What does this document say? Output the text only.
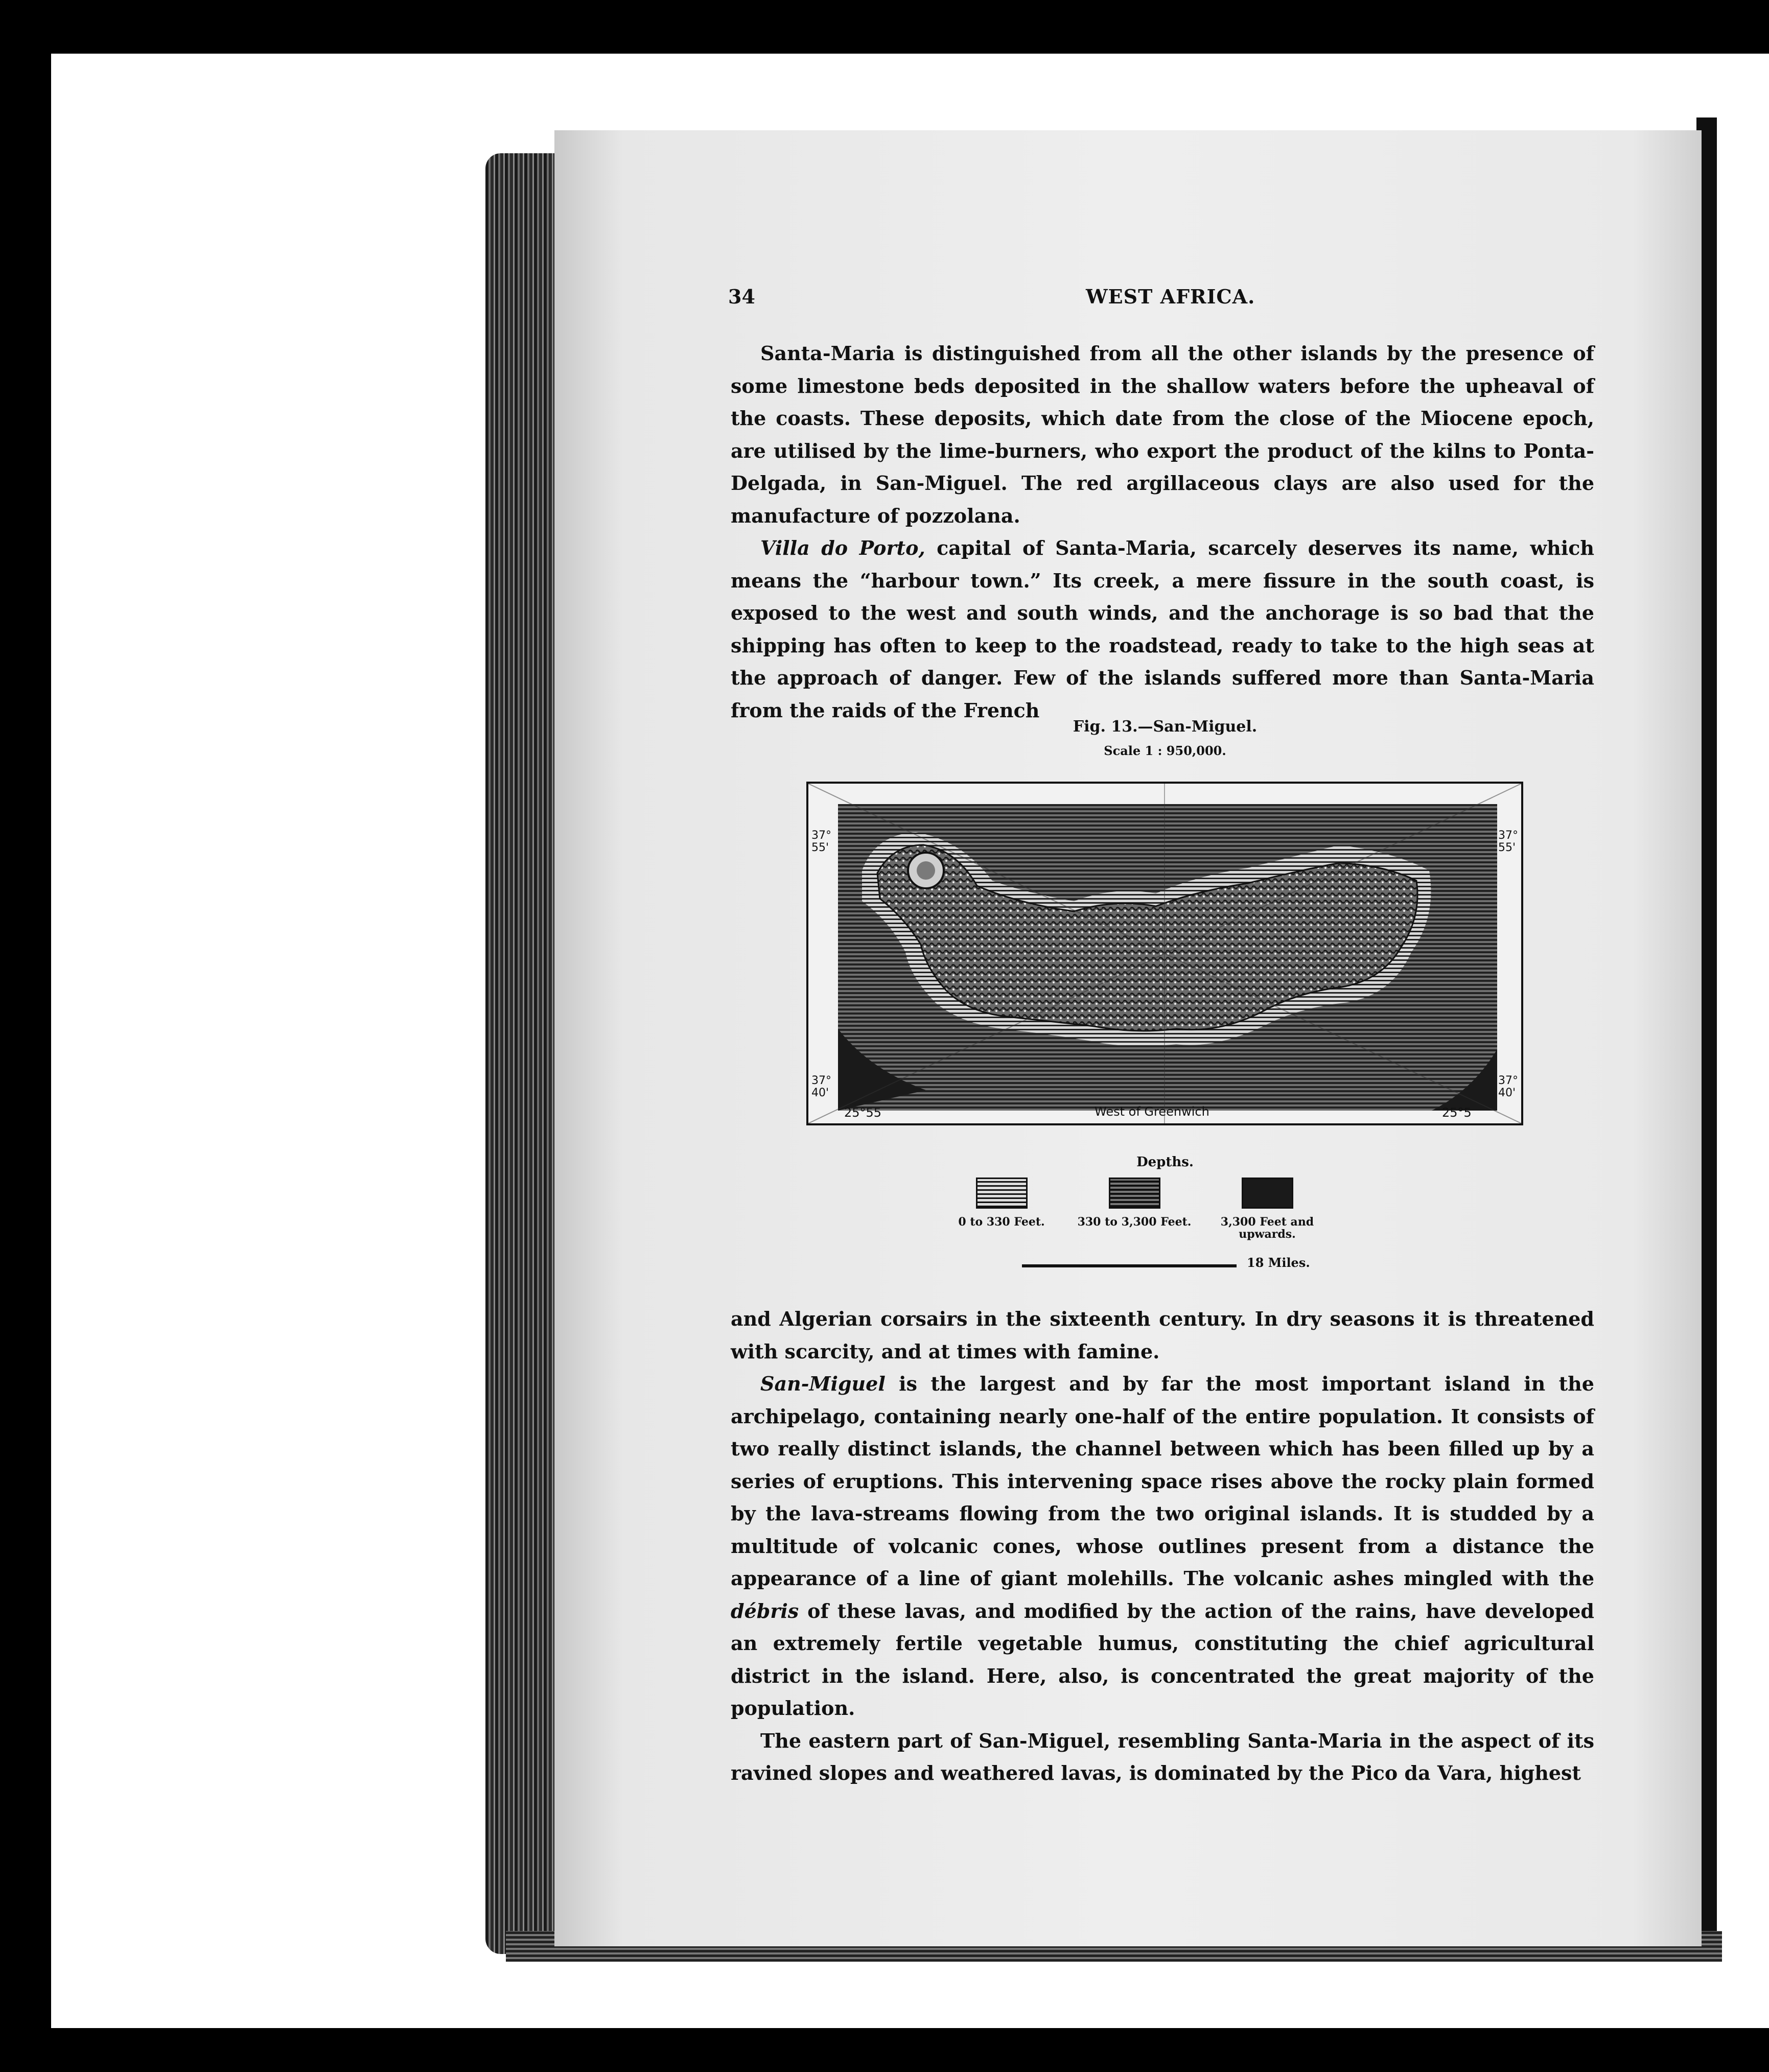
34	WEST AFRICA.

Santa-Maria is distinguished from all the other islands by the presence of some limestone beds deposited in the shallow waters before the upheaval of the coasts. These deposits, which date from the close of the Miocene epoch, are utilised by the lime-burners, who export the product of the kilns to Ponta-Delgada, in San-Miguel. The red argillaceous clays are also used for the manufacture of pozzolana.

Villa do Porto, capital of Santa-Maria, scarcely deserves its name, which means the “harbour town.” Its creek, a mere fissure in the south coast, is exposed to the west and south winds, and the anchorage is so bad that the shipping has often to keep to the roadstead, ready to take to the high seas at the approach of danger. Few of the islands suffered more than Santa-Maria from the raids of the French

Fig. 13.—San-Miguel.
Scale 1 : 950,000.
37°
55'
37°
55'
37°
40'
37°
40'
25°55	West of Greenwich	25°5
Depths.
0 to 330 Feet.	330 to 3,300 Feet.	3,300 Feet and upwards.
18 Miles.

and Algerian corsairs in the sixteenth century. In dry seasons it is threatened with scarcity, and at times with famine.

San-Miguel is the largest and by far the most important island in the archipelago, containing nearly one-half of the entire population. It consists of two really distinct islands, the channel between which has been filled up by a series of eruptions. This intervening space rises above the rocky plain formed by the lava-streams flowing from the two original islands. It is studded by a multitude of volcanic cones, whose outlines present from a distance the appearance of a line of giant molehills. The volcanic ashes mingled with the débris of these lavas, and modified by the action of the rains, have developed an extremely fertile vegetable humus, constituting the chief agricultural district in the island. Here, also, is concentrated the great majority of the population.

The eastern part of San-Miguel, resembling Santa-Maria in the aspect of its ravined slopes and weathered lavas, is dominated by the Pico da Vara, highest
